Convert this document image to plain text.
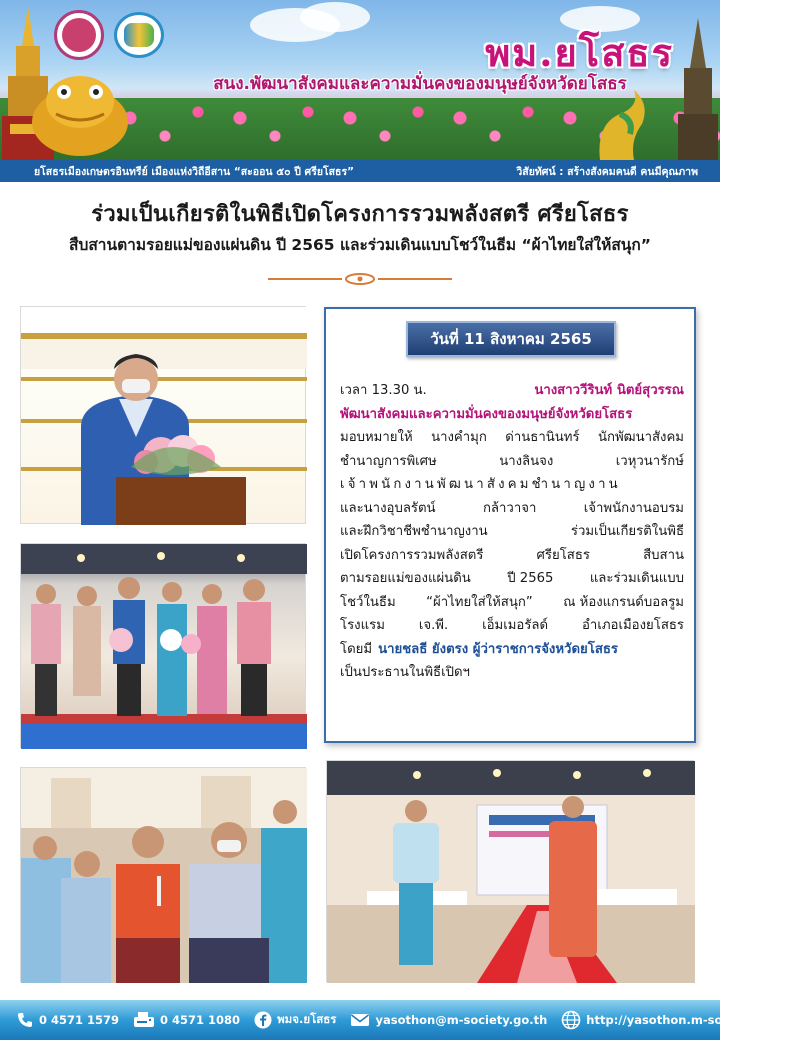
พม.ยโสธร
สนง.พัฒนาสังคมและความมั่นคงของมนุษย์จังหวัดยโสธร
ยโสธรเมืองเกษตรอินทรีย์ เมืองแห่งวิถีอีสาน “สะออน ๕๐ ปี ศรียโสธร”	วิสัยทัศน์ : สร้างสังคมคนดี คนมีคุณภาพ
ร่วมเป็นเกียรติในพิธีเปิดโครงการรวมพลังสตรี ศรียโสธร
สืบสานตามรอยแม่ของแผ่นดิน ปี 2565 และร่วมเดินแบบโชว์ในธีม “ผ้าไทยใส่ให้สนุก”
วันที่ 11 สิงหาคม 2565
เวลา 13.30 น.	นางสาววีรินท์ นิตย์สุวรรณ
พัฒนาสังคมและความมั่นคงของมนุษย์จังหวัดยโสธร
มอบหมายให้ นางคำมุก ด่านธานินทร์ นักพัฒนาสังคม
ชำนาญการพิเศษ	นางลินจง	เวหุวนารักษ์
เจ้าพนักงานพัฒนาสังคมชำนาญงาน
และนางอุบลรัตน์	กล้าวาจา	เจ้าพนักงานอบรม
และฝึกวิชาชีพชำนาญงาน	ร่วมเป็นเกียรติในพิธี
เปิดโครงการรวมพลังสตรี	ศรียโสธร	สืบสาน
ตามรอยแม่ของแผ่นดิน	ปี 2565	และร่วมเดินแบบ
โชว์ในธีม “ผ้าไทยใส่ให้สนุก” ณ ห้องแกรนด์บอลรูม
โรงแรม	เจ.พี.	เอ็มเมอรัลด์	อำเภอเมืองยโสธร
โดยมี นายชลธี ยังตรง ผู้ว่าราชการจังหวัดยโสธร
เป็นประธานในพิธีเปิดฯ
0 4571 1579	0 4571 1080	พมจ.ยโสธร	yasothon@m-society.go.th	http://yasothon.m-society.go.th/
